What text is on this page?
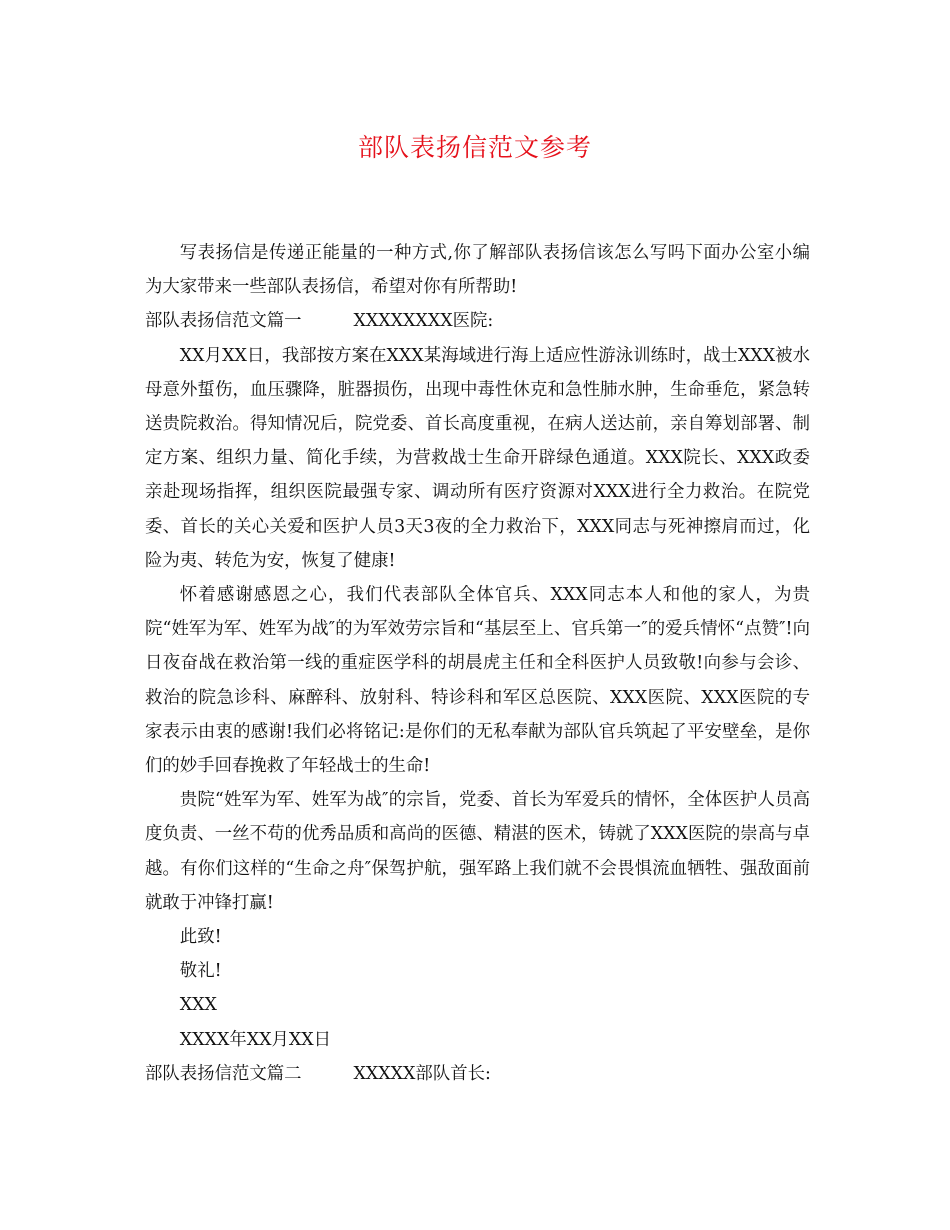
部队表扬信范文参考

写表扬信是传递正能量的一种方式,你了解部队表扬信该怎么写吗下面办公室小编为大家带来一些部队表扬信，希望对你有所帮助!

部队表扬信范文篇一	XXXXXXXX医院:

XX月XX日，我部按方案在XXX某海域进行海上适应性游泳训练时，战士XXX被水母意外蜇伤，血压骤降，脏器损伤，出现中毒性休克和急性肺水肿，生命垂危，紧急转送贵院救治。得知情况后，院党委、首长高度重视，在病人送达前，亲自筹划部署、制定方案、组织力量、简化手续，为营救战士生命开辟绿色通道。XXX院长、XXX政委亲赴现场指挥，组织医院最强专家、调动所有医疗资源对XXX进行全力救治。在院党委、首长的关心关爱和医护人员3天3夜的全力救治下，XXX同志与死神擦肩而过，化险为夷、转危为安，恢复了健康!

怀着感谢感恩之心，我们代表部队全体官兵、XXX同志本人和他的家人，为贵院“姓军为军、姓军为战″的为军效劳宗旨和“基层至上、官兵第一″的爱兵情怀“点赞″!向日夜奋战在救治第一线的重症医学科的胡晨虎主任和全科医护人员致敬!向参与会诊、救治的院急诊科、麻醉科、放射科、特诊科和军区总医院、XXX医院、XXX医院的专家表示由衷的感谢!我们必将铭记:是你们的无私奉献为部队官兵筑起了平安壁垒，是你们的妙手回春挽救了年轻战士的生命!

贵院“姓军为军、姓军为战″的宗旨，党委、首长为军爱兵的情怀，全体医护人员高度负责、一丝不苟的优秀品质和高尚的医德、精湛的医术，铸就了XXX医院的崇高与卓越。有你们这样的“生命之舟″保驾护航，强军路上我们就不会畏惧流血牺牲、强敌面前就敢于冲锋打赢!

此致!

敬礼!

XXX

XXXX年XX月XX日

部队表扬信范文篇二	XXXXX部队首长:
